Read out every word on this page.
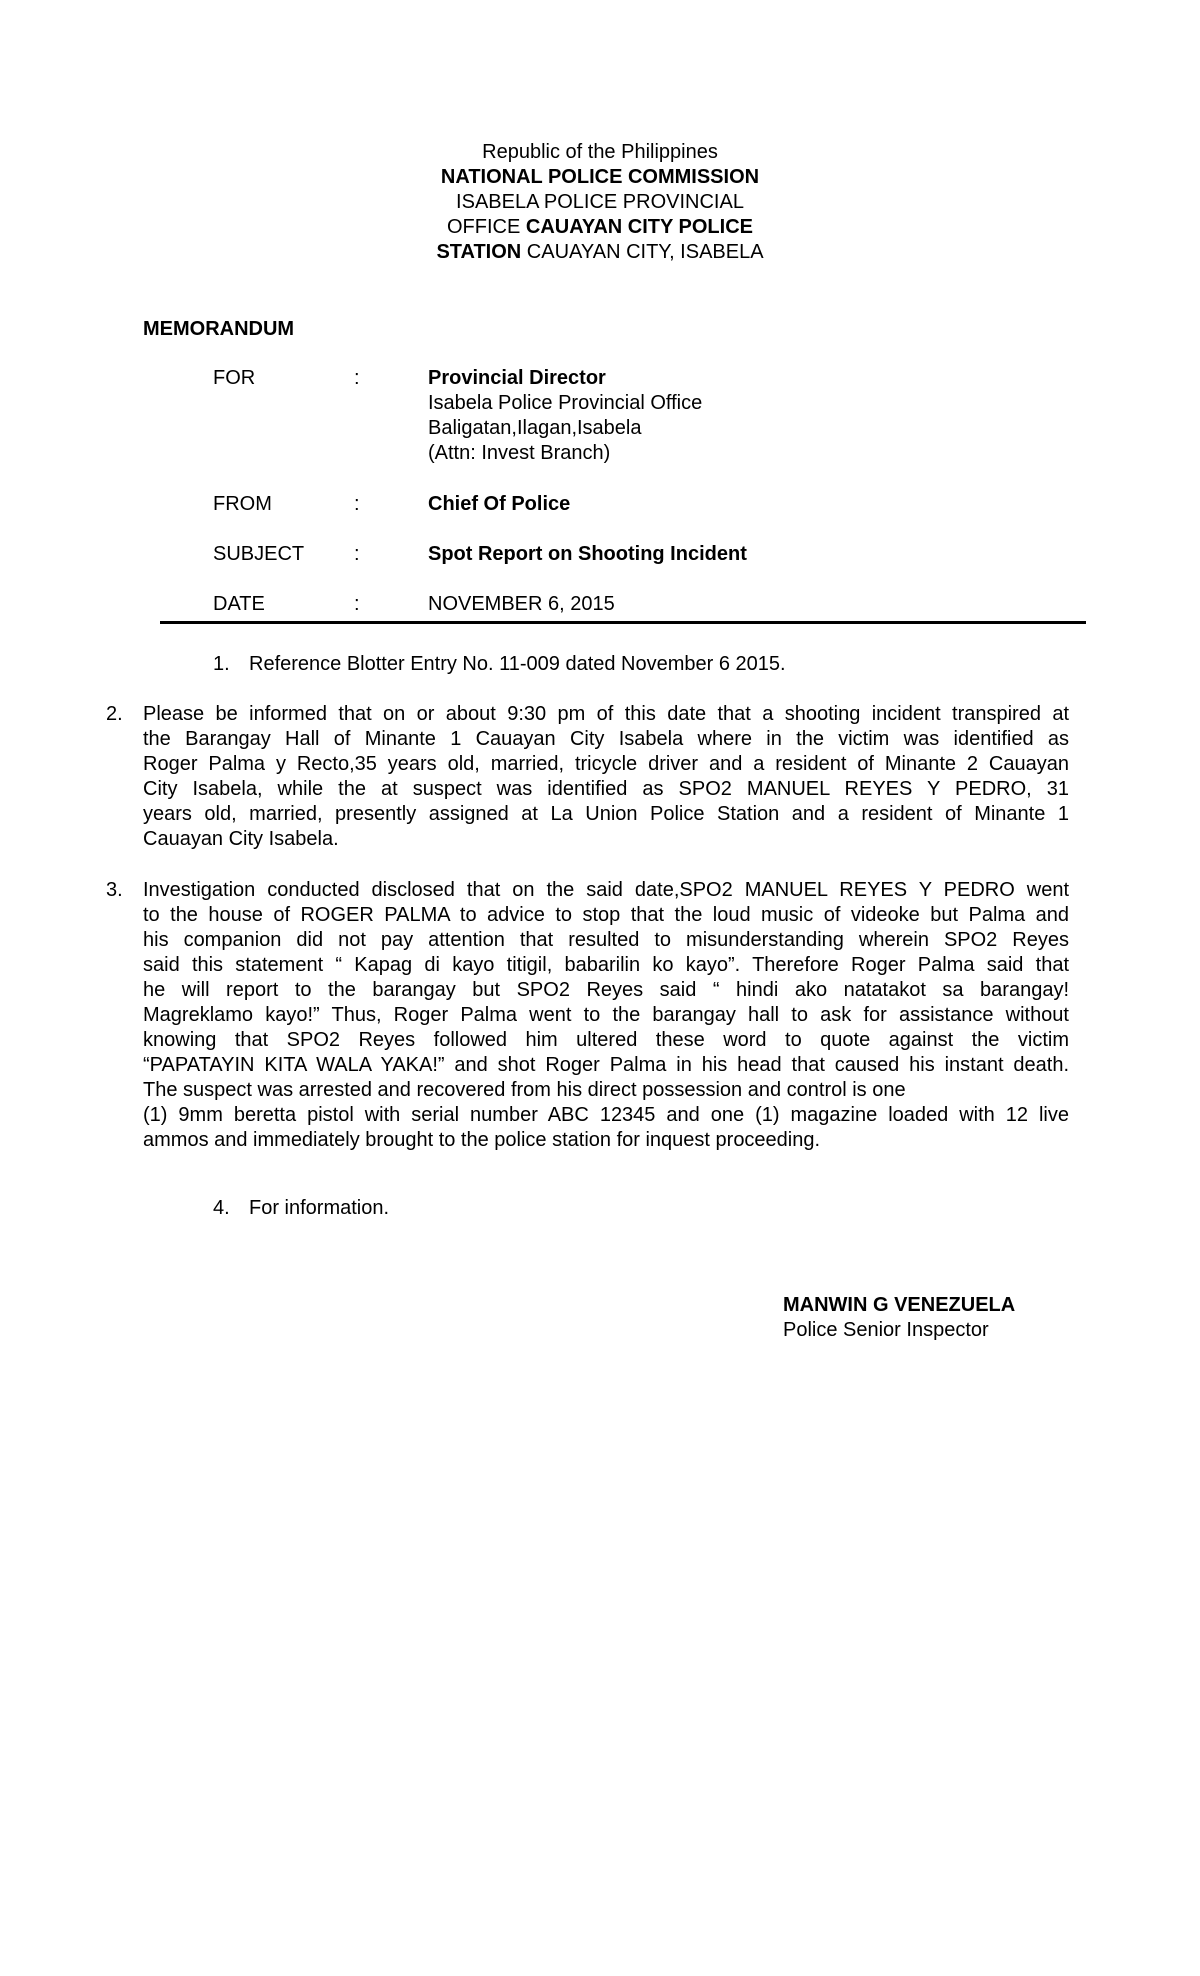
Republic of the Philippines
NATIONAL POLICE COMMISSION
ISABELA POLICE PROVINCIAL
OFFICE CAUAYAN CITY POLICE
STATION CAUAYAN CITY, ISABELA
MEMORANDUM
FOR	:	Provincial Director
Isabela Police Provincial Office
Baligatan,Ilagan,Isabela
(Attn: Invest Branch)
FROM	:	Chief Of Police
SUBJECT :	Spot Report on Shooting Incident
DATE	:	NOVEMBER 6, 2015
1. Reference Blotter Entry No. 11-009 dated November 6 2015.
2. Please be informed that on or about 9:30 pm of this date that a shooting incident transpired at
the Barangay Hall of Minante 1 Cauayan City Isabela where in the victim was identified as
Roger Palma y Recto,35 years old, married, tricycle driver and a resident of Minante 2 Cauayan
City Isabela, while the at suspect was identified as SPO2 MANUEL REYES Y PEDRO, 31
years old, married, presently assigned at La Union Police Station and a resident of Minante 1
Cauayan City Isabela.
3. Investigation conducted disclosed that on the said date,SPO2 MANUEL REYES Y PEDRO went
to the house of ROGER PALMA to advice to stop that the loud music of videoke but Palma and
his companion did not pay attention that resulted to misunderstanding wherein SPO2 Reyes
said this statement “ Kapag di kayo titigil, babarilin ko kayo”. Therefore Roger Palma said that
he will report to the barangay but SPO2 Reyes said “ hindi ako natatakot sa barangay!
Magreklamo kayo!” Thus, Roger Palma went to the barangay hall to ask for assistance without
knowing that SPO2 Reyes followed him ultered these word to quote against the victim
“PAPATAYIN KITA WALA YAKA!” and shot Roger Palma in his head that caused his instant death.
The suspect was arrested and recovered from his direct possession and control is one
(1) 9mm beretta pistol with serial number ABC 12345 and one (1) magazine loaded with 12 live
ammos and immediately brought to the police station for inquest proceeding.
4. For information.
MANWIN G VENEZUELA
Police Senior Inspector
